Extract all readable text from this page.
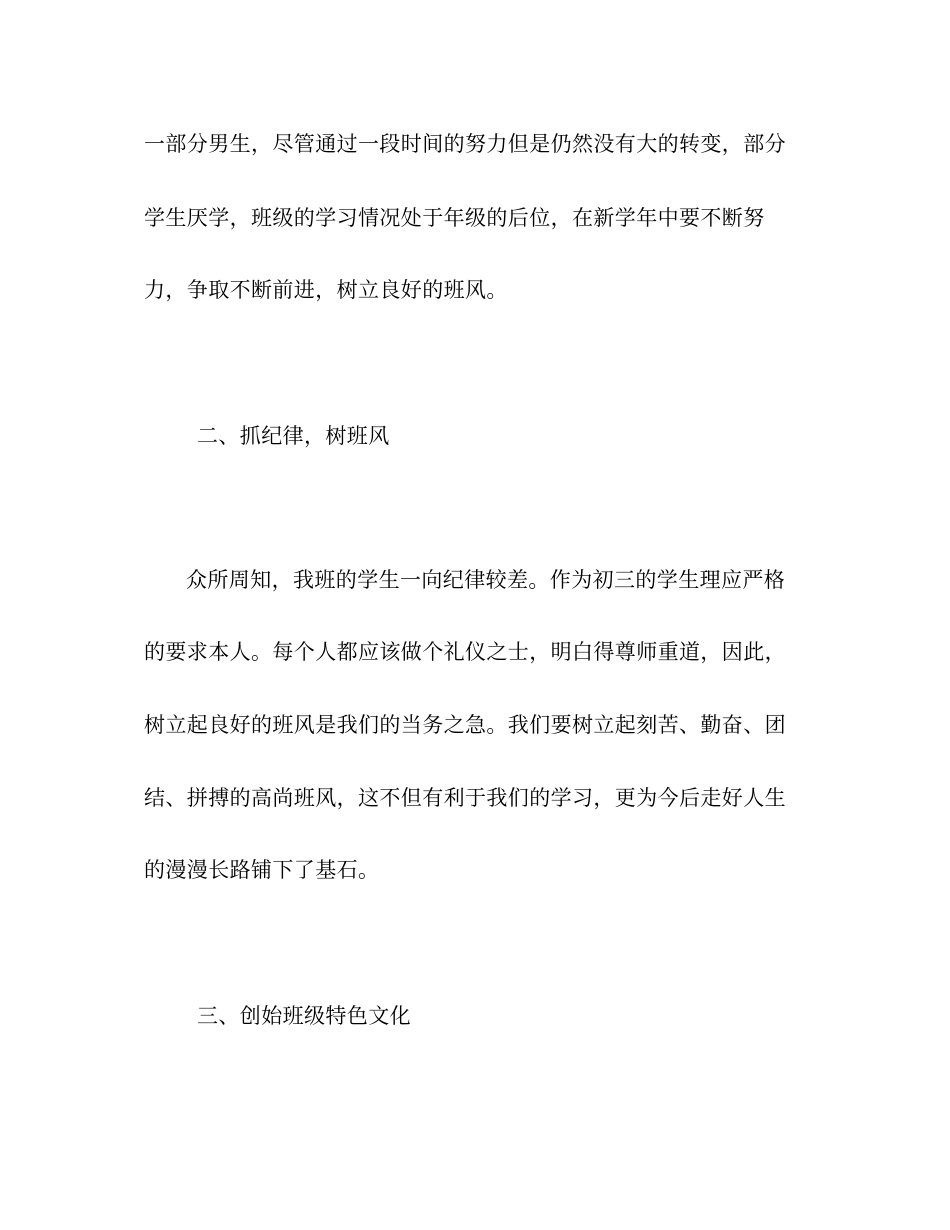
一部分男生，尽管通过一段时间的努力但是仍然没有大的转变，部分
学生厌学，班级的学习情况处于年级的后位，在新学年中要不断努
力，争取不断前进，树立良好的班风。
二、抓纪律，树班风
众所周知，我班的学生一向纪律较差。作为初三的学生理应严格
的要求本人。每个人都应该做个礼仪之士，明白得尊师重道，因此，
树立起良好的班风是我们的当务之急。我们要树立起刻苦、勤奋、团
结、拼搏的高尚班风，这不但有利于我们的学习，更为今后走好人生
的漫漫长路铺下了基石。
三、创始班级特色文化
